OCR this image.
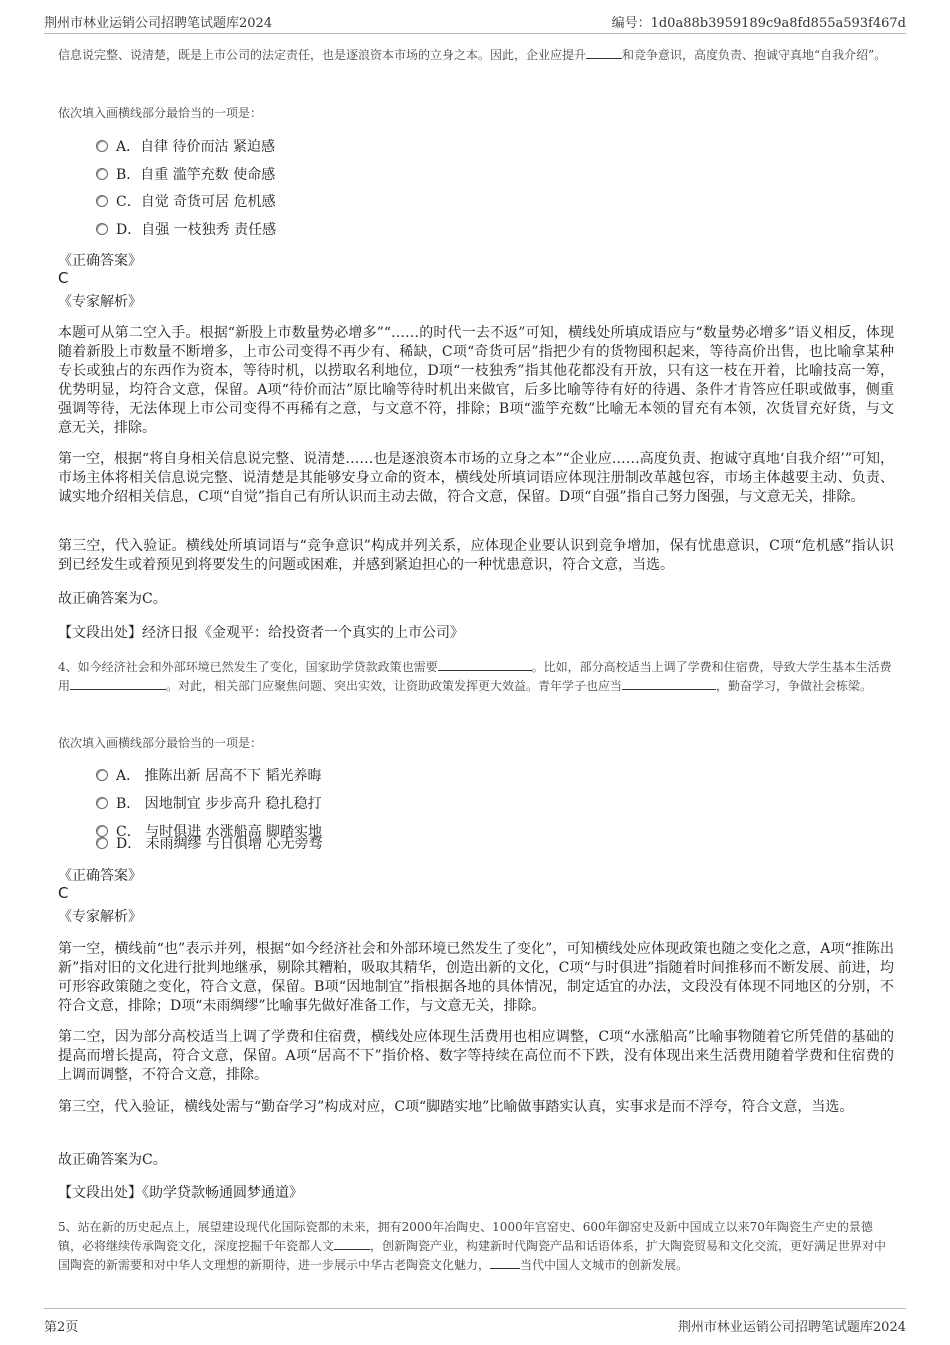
荆州市林业运销公司招聘笔试题库2024	编号：1d0a88b3959189c9a8fd855a593f467d
信息说完整、说清楚，既是上市公司的法定责任，也是逐浪资本市场的立身之本。因此，企业应提升	和竞争意识，高度负责、抱诚守真地“自我介绍”。
依次填入画横线部分最恰当的一项是：
A．自律 待价而沽 紧迫感
B．自重 滥竽充数 使命感
C．自觉 奇货可居 危机感
D．自强 一枝独秀 责任感
《正确答案》
C
《专家解析》
本题可从第二空入手。根据“新股上市数量势必增多”“……的时代一去不返”可知，横线处所填成语应与“数量势必增多”语义相反，体现随着新股上市数量不断增多，上市公司变得不再少有、稀缺，C项“奇货可居”指把少有的货物囤积起来，等待高价出售，也比喻拿某种专长或独占的东西作为资本，等待时机，以捞取名利地位，D项“一枝独秀”指其他花都没有开放，只有这一枝在开着，比喻技高一筹，优势明显，均符合文意，保留。A项“待价而沽”原比喻等待时机出来做官，后多比喻等待有好的待遇、条件才肯答应任职或做事，侧重强调等待，无法体现上市公司变得不再稀有之意，与文意不符，排除；B项“滥竽充数”比喻无本领的冒充有本领，次货冒充好货，与文意无关，排除。
第一空，根据“将自身相关信息说完整、说清楚……也是逐浪资本市场的立身之本”“企业应……高度负责、抱诚守真地‘自我介绍’”可知，市场主体将相关信息说完整、说清楚是其能够安身立命的资本，横线处所填词语应体现注册制改革越包容，市场主体越要主动、负责、诚实地介绍相关信息，C项“自觉”指自己有所认识而主动去做，符合文意，保留。D项“自强”指自己努力图强，与文意无关，排除。
第三空，代入验证。横线处所填词语与“竞争意识”构成并列关系，应体现企业要认识到竞争增加，保有忧患意识，C项“危机感”指认识到已经发生或着预见到将要发生的问题或困难，并感到紧迫担心的一种忧患意识，符合文意，当选。
故正确答案为C。
【文段出处】经济日报《金观平：给投资者一个真实的上市公司》
4、如今经济社会和外部环境已然发生了变化，国家助学贷款政策也需要	。比如，部分高校适当上调了学费和住宿费，导致大学生基本生活费用	。对此，相关部门应聚焦问题、突出实效，让资助政策发挥更大效益。青年学子也应当	，勤奋学习，争做社会栋梁。
依次填入画横线部分最恰当的一项是：
A． 推陈出新 居高不下 韬光养晦
B． 因地制宜 步步高升 稳扎稳打
C． 与时俱进 水涨船高 脚踏实地
D． 未雨绸缪 与日俱增 心无旁骛
《正确答案》
C
《专家解析》
第一空，横线前“也”表示并列，根据“如今经济社会和外部环境已然发生了变化”，可知横线处应体现政策也随之变化之意，A项“推陈出新”指对旧的文化进行批判地继承，剔除其糟粕，吸取其精华，创造出新的文化，C项“与时俱进”指随着时间推移而不断发展、前进，均可形容政策随之变化，符合文意，保留。B项“因地制宜”指根据各地的具体情况，制定适宜的办法，文段没有体现不同地区的分别，不符合文意，排除；D项“未雨绸缪”比喻事先做好准备工作，与文意无关，排除。
第二空，因为部分高校适当上调了学费和住宿费，横线处应体现生活费用也相应调整，C项“水涨船高”比喻事物随着它所凭借的基础的提高而增长提高，符合文意，保留。A项“居高不下”指价格、数字等持续在高位而不下跌，没有体现出来生活费用随着学费和住宿费的上调而调整，不符合文意，排除。
第三空，代入验证，横线处需与“勤奋学习”构成对应，C项“脚踏实地”比喻做事踏实认真，实事求是而不浮夸，符合文意，当选。
故正确答案为C。
【文段出处】《助学贷款畅通圆梦通道》
5、站在新的历史起点上，展望建设现代化国际瓷都的未来，拥有2000年冶陶史、1000年官窑史、600年御窑史及新中国成立以来70年陶瓷生产史的景德镇，必将继续传承陶瓷文化，深度挖掘千年瓷都人文	，创新陶瓷产业，构建新时代陶瓷产品和话语体系，扩大陶瓷贸易和文化交流，更好满足世界对中国陶瓷的新需要和对中华人文理想的新期待，进一步展示中华古老陶瓷文化魅力，	当代中国人文城市的创新发展。
第2页	荆州市林业运销公司招聘笔试题库2024
